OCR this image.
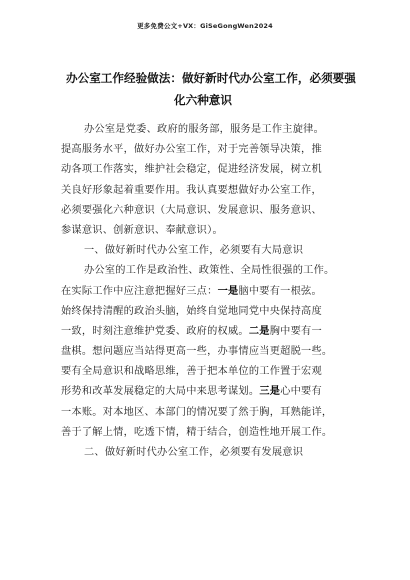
更多免费公文+VX：GiSeGongWen2024
办公室工作经验做法：做好新时代办公室工作，必须要强
化六种意识
办公室是党委、政府的服务部，服务是工作主旋律。
提高服务水平，做好办公室工作，对于完善领导决策，推
动各项工作落实，维护社会稳定，促进经济发展，树立机
关良好形象起着重要作用。我认真要想做好办公室工作，
必须要强化六种意识（大局意识、发展意识、服务意识、
参谋意识、创新意识、奉献意识）。
一、做好新时代办公室工作，必须要有大局意识
办公室的工作是政治性、政策性、全局性很强的工作。
在实际工作中应注意把握好三点：一是脑中要有一根弦。
始终保持清醒的政治头脑，始终自觉地同党中央保持高度
一致，时刻注意维护党委、政府的权威。二是胸中要有一
盘棋。想问题应当站得更高一些，办事情应当更超脱一些。
要有全局意识和战略思维，善于把本单位的工作置于宏观
形势和改革发展稳定的大局中来思考谋划。三是心中要有
一本账。对本地区、本部门的情况要了然于胸，耳熟能详，
善于了解上情，吃透下情，精于结合，创造性地开展工作。
二、做好新时代办公室工作，必须要有发展意识
